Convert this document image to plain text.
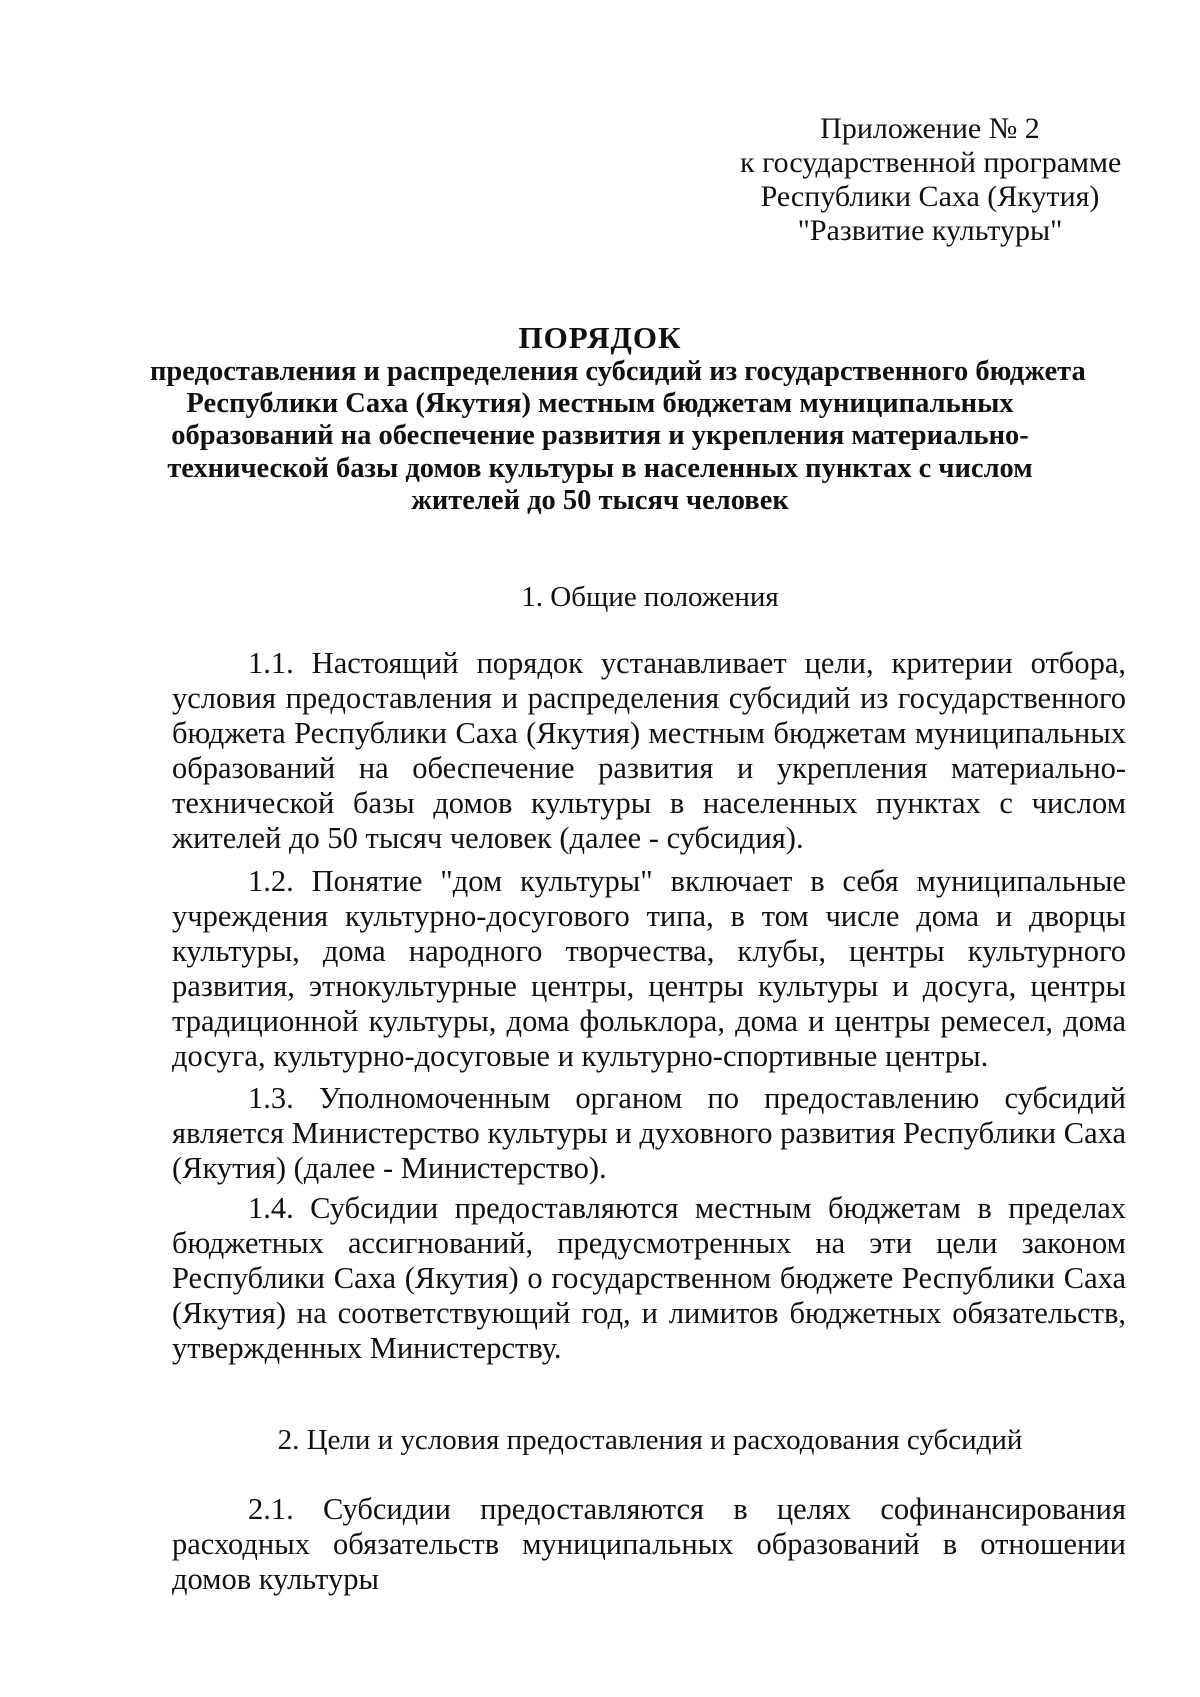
Приложение № 2
к государственной программе
Республики Саха (Якутия)
"Развитие культуры"
ПОРЯДОК
предоставления и распределения субсидий из государственного бюджета
Республики Саха (Якутия) местным бюджетам муниципальных
образований на обеспечение развития и укрепления материально-
технической базы домов культуры в населенных пунктах с числом
жителей до 50 тысяч человек
1. Общие положения

1.1. Настоящий порядок устанавливает цели, критерии отбора, условия предоставления и распределения субсидий из государственного бюджета Республики Саха (Якутия) местным бюджетам муниципальных образований на обеспечение развития и укрепления материально-технической базы домов культуры в населенных пунктах с числом жителей до 50 тысяч человек (далее - субсидия).

1.2. Понятие "дом культуры" включает в себя муниципальные учреждения культурно-досугового типа, в том числе дома и дворцы культуры, дома народного творчества, клубы, центры культурного развития, этнокультурные центры, центры культуры и досуга, центры традиционной культуры, дома фольклора, дома и центры ремесел, дома досуга, культурно-досуговые и культурно-спортивные центры.

1.3. Уполномоченным органом по предоставлению субсидий является Министерство культуры и духовного развития Республики Саха (Якутия) (далее - Министерство).

1.4. Субсидии предоставляются местным бюджетам в пределах бюджетных ассигнований, предусмотренных на эти цели законом Республики Саха (Якутия) о государственном бюджете Республики Саха (Якутия) на соответствующий год, и лимитов бюджетных обязательств, утвержденных Министерству.

2. Цели и условия предоставления и расходования субсидий

2.1. Субсидии предоставляются в целях софинансирования расходных обязательств муниципальных образований в отношении домов культуры
